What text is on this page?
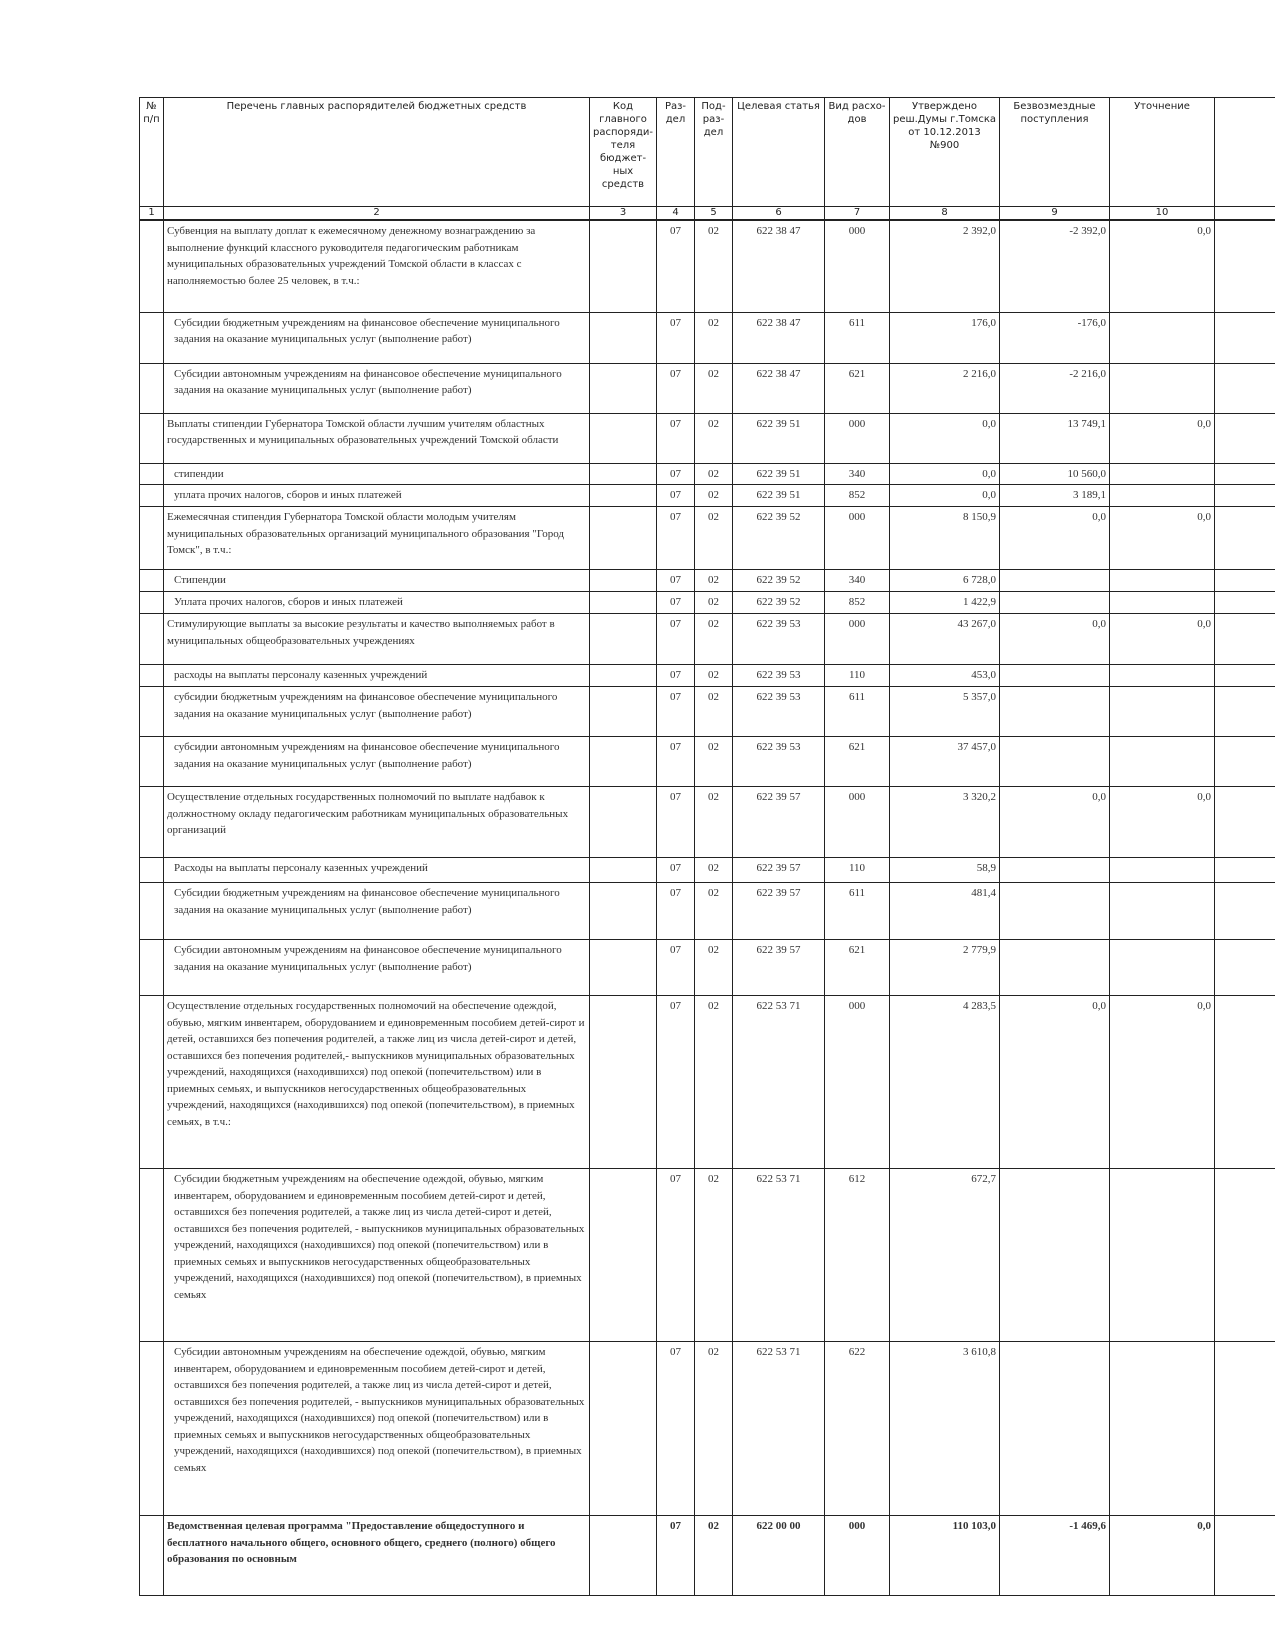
№ п/п	Перечень главных распорядителей бюджетных средств	Код главного распоряди-теля бюджет-ных средств	Раз-дел	Под-раз-дел	Целевая статья	Вид расхо-дов	Утверждено реш.Думы г.Томска от 10.12.2013 №900	Безвозмездные поступления	Уточнение	
1	2	3	4	5	6	7	8	9	10	
	Субвенция на выплату доплат к ежемесячному денежному вознаграждению за выполнение функций классного руководителя педагогическим работникам муниципальных образовательных учреждений Томской области в классах с наполняемостью более 25 человек, в т.ч.:		07	02	622 38 47	000	2 392,0	-2 392,0	0,0	
	Субсидии бюджетным учреждениям на финансовое обеспечение муниципального задания на оказание муниципальных услуг (выполнение работ)		07	02	622 38 47	611	176,0	-176,0		
	Субсидии автономным учреждениям на финансовое обеспечение муниципального задания на оказание муниципальных услуг (выполнение работ)		07	02	622 38 47	621	2 216,0	-2 216,0		
	Выплаты стипендии Губернатора Томской области лучшим учителям областных государственных и муниципальных образовательных учреждений Томской области		07	02	622 39 51	000	0,0	13 749,1	0,0	
	стипендии		07	02	622 39 51	340	0,0	10 560,0		
	уплата прочих налогов, сборов и иных платежей		07	02	622 39 51	852	0,0	3 189,1		
	Ежемесячная стипендия Губернатора Томской области молодым учителям муниципальных образовательных организаций муниципального образования "Город Томск", в т.ч.:		07	02	622 39 52	000	8 150,9	0,0	0,0	
	Стипендии		07	02	622 39 52	340	6 728,0			
	Уплата прочих налогов, сборов и иных платежей		07	02	622 39 52	852	1 422,9			
	Стимулирующие выплаты за высокие результаты и качество выполняемых работ в муниципальных общеобразовательных учреждениях		07	02	622 39 53	000	43 267,0	0,0	0,0	
	расходы на выплаты персоналу казенных учреждений		07	02	622 39 53	110	453,0			
	субсидии бюджетным учреждениям на финансовое обеспечение муниципального задания на оказание муниципальных услуг (выполнение работ)		07	02	622 39 53	611	5 357,0			
	субсидии автономным учреждениям на финансовое обеспечение муниципального задания на оказание муниципальных услуг (выполнение работ)		07	02	622 39 53	621	37 457,0			
	Осуществление отдельных государственных полномочий по выплате надбавок к должностному окладу педагогическим работникам муниципальных образовательных организаций		07	02	622 39 57	000	3 320,2	0,0	0,0	
	Расходы на выплаты персоналу казенных учреждений		07	02	622 39 57	110	58,9			
	Субсидии бюджетным учреждениям на финансовое обеспечение муниципального задания на оказание муниципальных услуг (выполнение работ)		07	02	622 39 57	611	481,4			
	Субсидии автономным учреждениям на финансовое обеспечение муниципального задания на оказание муниципальных услуг (выполнение работ)		07	02	622 39 57	621	2 779,9			
	Осуществление отдельных государственных полномочий на обеспечение одеждой, обувью, мягким инвентарем, оборудованием и единовременным пособием детей-сирот и детей, оставшихся без попечения родителей, а также лиц из числа детей-сирот и детей, оставшихся без попечения родителей,- выпускников муниципальных образовательных учреждений, находящихся (находившихся) под опекой (попечительством) или в приемных семьях, и выпускников негосударственных общеобразовательных учреждений, находящихся (находившихся) под опекой (попечительством), в приемных семьях, в т.ч.:		07	02	622 53 71	000	4 283,5	0,0	0,0	
	Субсидии бюджетным учреждениям на обеспечение одеждой, обувью, мягким инвентарем, оборудованием и единовременным пособием детей-сирот и детей, оставшихся без попечения родителей, а также лиц из числа детей-сирот и детей, оставшихся без попечения родителей, - выпускников муниципальных образовательных учреждений, находящихся (находившихся) под опекой (попечительством) или в приемных семьях и выпускников негосударственных общеобразовательных учреждений, находящихся (находившихся) под опекой (попечительством), в приемных семьях		07	02	622 53 71	612	672,7			
	Субсидии автономным учреждениям на обеспечение одеждой, обувью, мягким инвентарем, оборудованием и единовременным пособием детей-сирот и детей, оставшихся без попечения родителей, а также лиц из числа детей-сирот и детей, оставшихся без попечения родителей, - выпускников муниципальных образовательных учреждений, находящихся (находившихся) под опекой (попечительством) или в приемных семьях и выпускников негосударственных общеобразовательных учреждений, находящихся (находившихся) под опекой (попечительством), в приемных семьях		07	02	622 53 71	622	3 610,8			
	Ведомственная целевая программа "Предоставление общедоступного и бесплатного начального общего, основного общего, среднего (полного) общего образования по основным		07	02	622 00 00	000	110 103,0	-1 469,6	0,0	
